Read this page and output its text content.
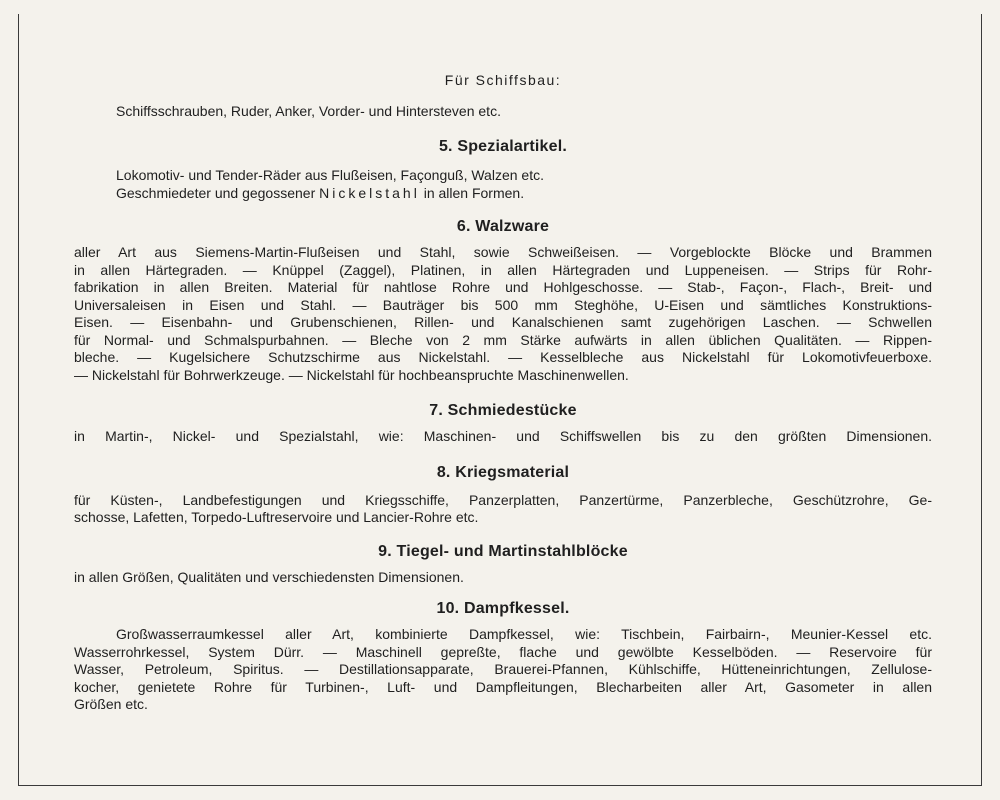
Für Schiffsbau:
Schiffsschrauben, Ruder, Anker, Vorder- und Hintersteven etc.
5. Spezialartikel.
Lokomotiv- und Tender-Räder aus Flußeisen, Façonguß, Walzen etc.
Geschmiedeter und gegossener Nickelstahl in allen Formen.
6. Walzware
aller Art aus Siemens-Martin-Flußeisen und Stahl, sowie Schweißeisen. — Vorgeblockte Blöcke und Brammen
in allen Härtegraden. — Knüppel (Zaggel), Platinen, in allen Härtegraden und Luppeneisen. — Strips für Rohr-
fabrikation in allen Breiten. Material für nahtlose Rohre und Hohlgeschosse. — Stab-, Façon-, Flach-, Breit- und
Universaleisen in Eisen und Stahl. — Bauträger bis 500 mm Steghöhe, U-Eisen und sämtliches Konstruktions-
Eisen. — Eisenbahn- und Grubenschienen, Rillen- und Kanalschienen samt zugehörigen Laschen. — Schwellen
für Normal- und Schmalspurbahnen. — Bleche von 2 mm Stärke aufwärts in allen üblichen Qualitäten. — Rippen-
bleche. — Kugelsichere Schutzschirme aus Nickelstahl. — Kesselbleche aus Nickelstahl für Lokomotivfeuerboxe.
— Nickelstahl für Bohrwerkzeuge. — Nickelstahl für hochbeanspruchte Maschinenwellen.
7. Schmiedestücke
in Martin-, Nickel- und Spezialstahl, wie: Maschinen- und Schiffswellen bis zu den größten Dimensionen.
8. Kriegsmaterial
für Küsten-, Landbefestigungen und Kriegsschiffe, Panzerplatten, Panzertürme, Panzerbleche, Geschützrohre, Ge-
schosse, Lafetten, Torpedo-Luftreservoire und Lancier-Rohre etc.
9. Tiegel- und Martinstahlblöcke
in allen Größen, Qualitäten und verschiedensten Dimensionen.
10. Dampfkessel.
Großwasserraumkessel aller Art, kombinierte Dampfkessel, wie: Tischbein, Fairbairn-, Meunier-Kessel etc.
Wasserrohrkessel, System Dürr. — Maschinell gepreßte, flache und gewölbte Kesselböden. — Reservoire für
Wasser, Petroleum, Spiritus. — Destillationsapparate, Brauerei-Pfannen, Kühlschiffe, Hütteneinrichtungen, Zellulose-
kocher, genietete Rohre für Turbinen-, Luft- und Dampfleitungen, Blecharbeiten aller Art, Gasometer in allen
Größen etc.
